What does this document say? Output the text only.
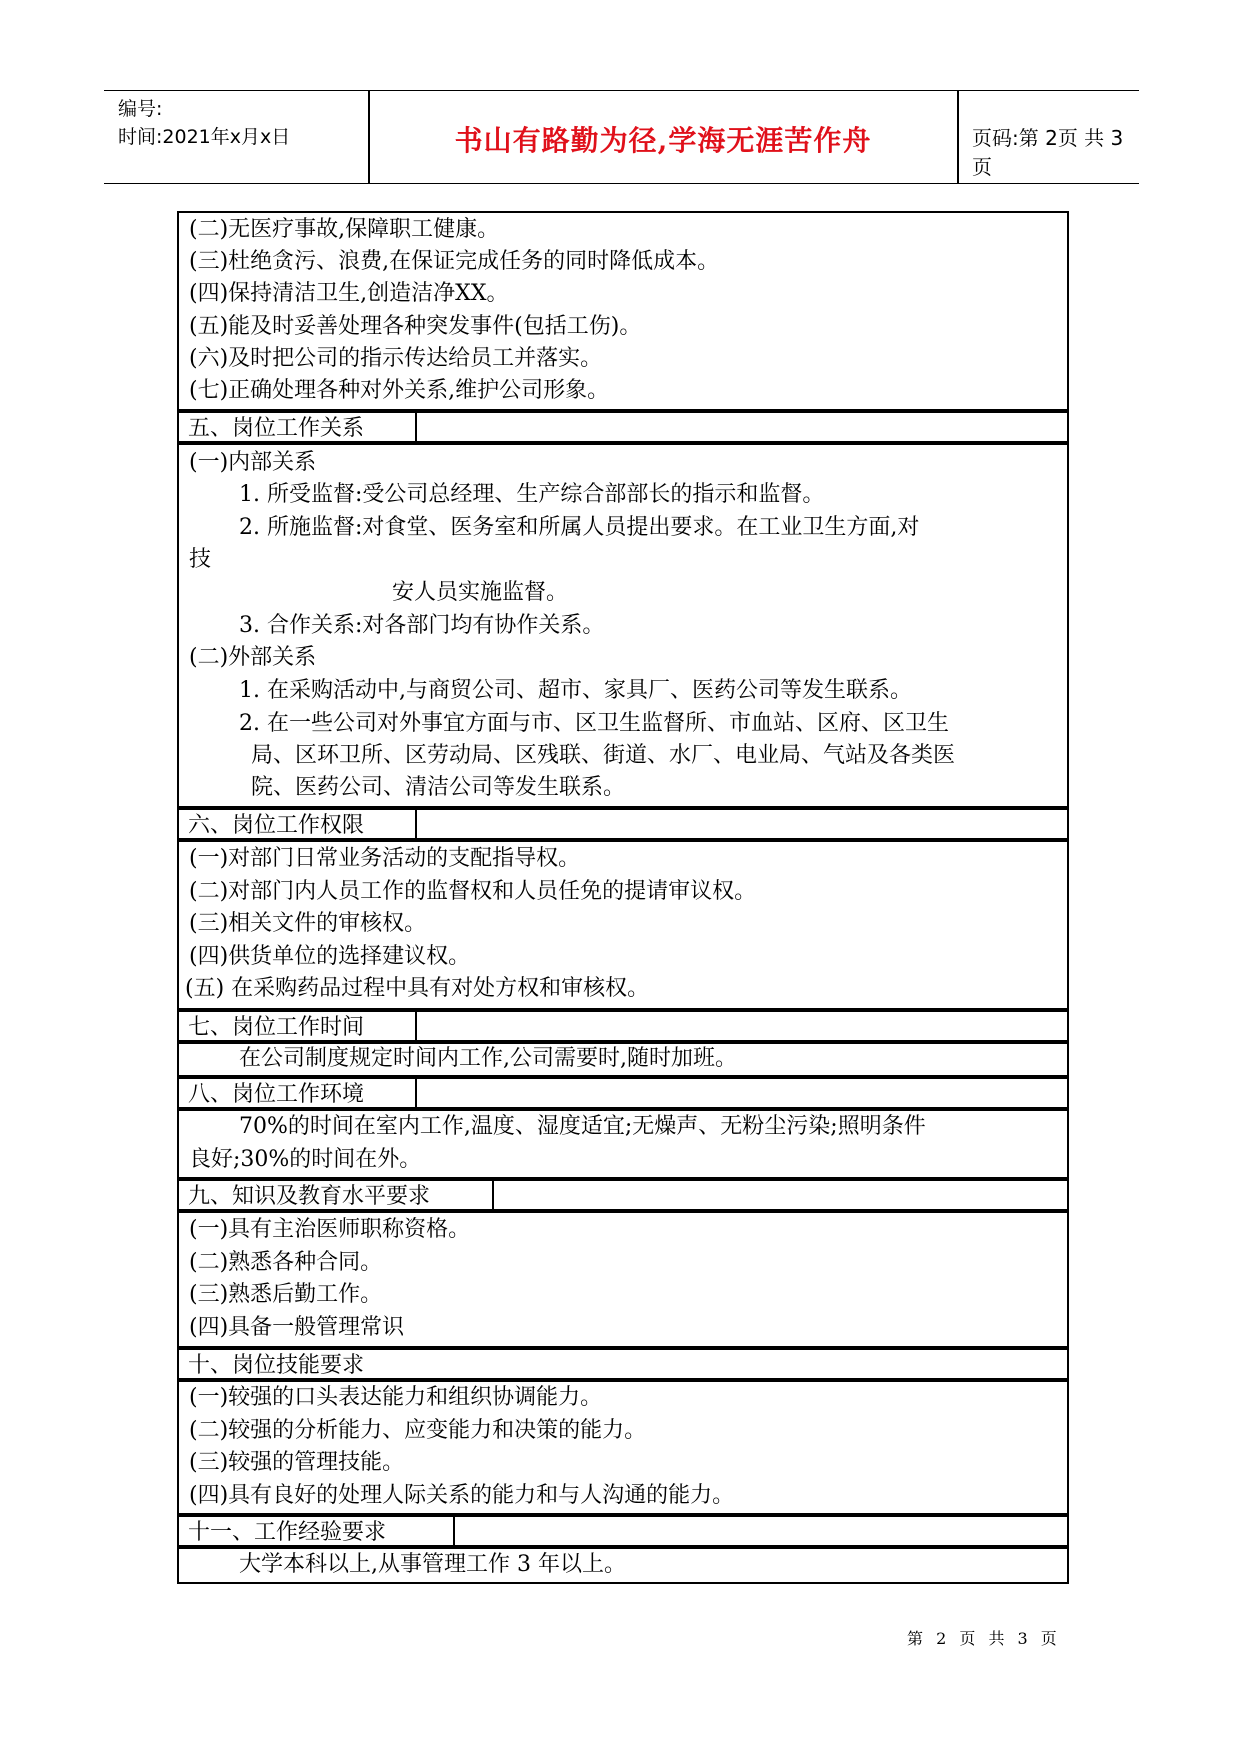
编号:
时间:2021年x月x日	书山有路勤为径,学海无涯苦作舟	页码:第 2页 共 3页
(二)无医疗事故,保障职工健康。
(三)杜绝贪污、浪费,在保证完成任务的同时降低成本。
(四)保持清洁卫生,创造洁净XX。
(五)能及时妥善处理各种突发事件(包括工伤)。
(六)及时把公司的指示传达给员工并落实。
(七)正确处理各种对外关系,维护公司形象。
五、岗位工作关系
(一)内部关系
1. 所受监督:受公司总经理、生产综合部部长的指示和监督。
2. 所施监督:对食堂、医务室和所属人员提出要求。在工业卫生方面,对
技
安人员实施监督。
3. 合作关系:对各部门均有协作关系。
(二)外部关系
1. 在采购活动中,与商贸公司、超市、家具厂、医药公司等发生联系。
2. 在一些公司对外事宜方面与市、区卫生监督所、市血站、区府、区卫生
局、区环卫所、区劳动局、区残联、街道、水厂、电业局、气站及各类医
院、医药公司、清洁公司等发生联系。
六、岗位工作权限
(一)对部门日常业务活动的支配指导权。
(二)对部门内人员工作的监督权和人员任免的提请审议权。
(三)相关文件的审核权。
(四)供货单位的选择建议权。
(五) 在采购药品过程中具有对处方权和审核权。
七、岗位工作时间
在公司制度规定时间内工作,公司需要时,随时加班。
八、岗位工作环境
70%的时间在室内工作,温度、湿度适宜;无燥声、无粉尘污染;照明条件
良好;30%的时间在外。
九、知识及教育水平要求
(一)具有主治医师职称资格。
(二)熟悉各种合同。
(三)熟悉后勤工作。
(四)具备一般管理常识
十、岗位技能要求
(一)较强的口头表达能力和组织协调能力。
(二)较强的分析能力、应变能力和决策的能力。
(三)较强的管理技能。
(四)具有良好的处理人际关系的能力和与人沟通的能力。
十一、工作经验要求
大学本科以上,从事管理工作 3 年以上。
第 2 页 共 3 页
